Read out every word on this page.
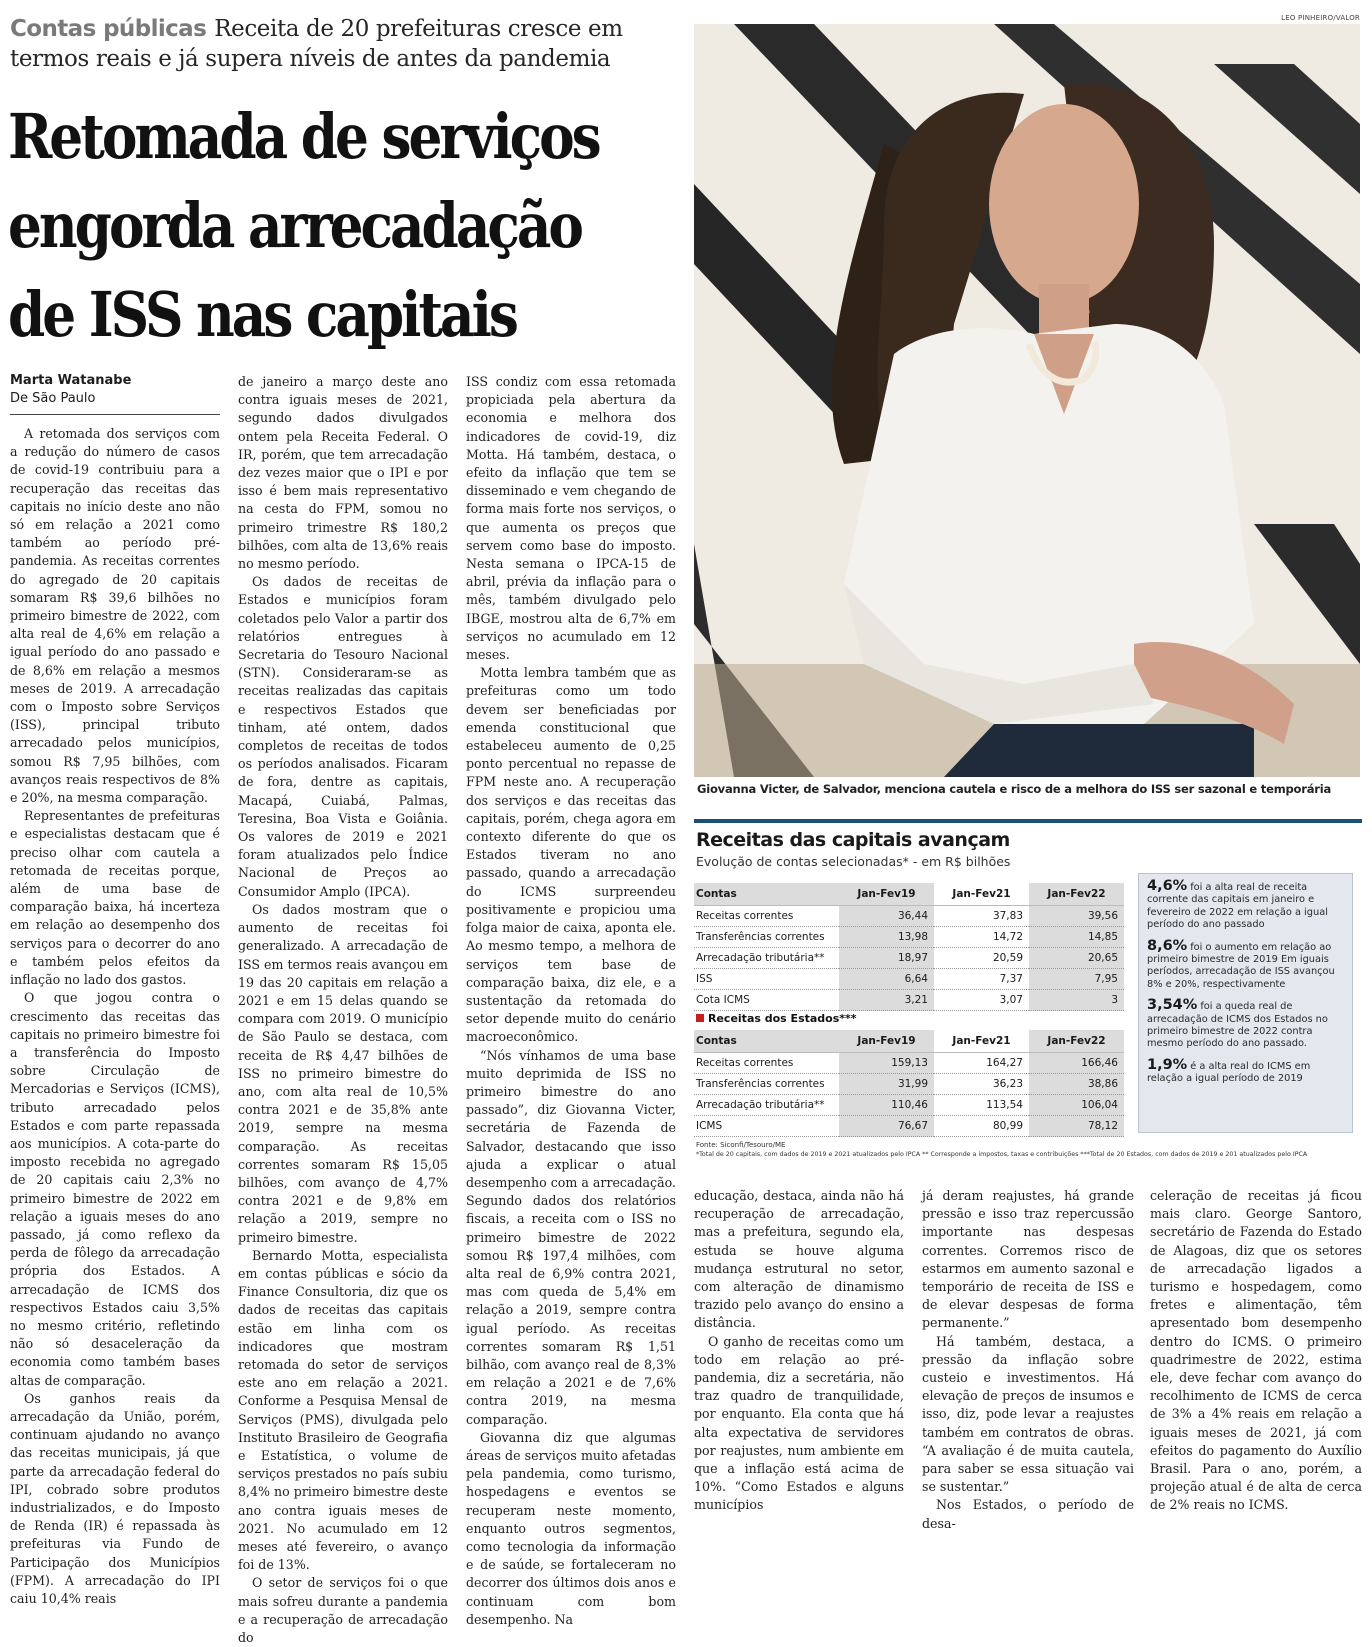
Contas públicas Receita de 20 prefeituras cresce em termos reais e já supera níveis de antes da pandemia
Retomada de serviços
engorda arrecadação
de ISS nas capitais
Marta Watanabe
De São Paulo

A retomada dos serviços com a redução do número de casos de covid-19 contribuiu para a recuperação das receitas das capitais no início deste ano não só em relação a 2021 como também ao período pré-pandemia. As receitas correntes do agregado de 20 capitais somaram R$ 39,6 bilhões no primeiro bimestre de 2022, com alta real de 4,6% em relação a igual período do ano passado e de 8,6% em relação a mesmos meses de 2019. A arrecadação com o Imposto sobre Serviços (ISS), principal tributo arrecadado pelos municípios, somou R$ 7,95 bilhões, com avanços reais respectivos de 8% e 20%, na mesma comparação.

Representantes de prefeituras e especialistas destacam que é preciso olhar com cautela a retomada de receitas porque, além de uma base de comparação baixa, há incerteza em relação ao desempenho dos serviços para o decorrer do ano e também pelos efeitos da inflação no lado dos gastos.

O que jogou contra o crescimento das receitas das capitais no primeiro bimestre foi a transferência do Imposto sobre Circulação de Mercadorias e Serviços (ICMS), tributo arrecadado pelos Estados e com parte repassada aos municípios. A cota-parte do imposto recebida no agregado de 20 capitais caiu 2,3% no primeiro bimestre de 2022 em relação a iguais meses do ano passado, já como reflexo da perda de fôlego da arrecadação própria dos Estados. A arrecadação de ICMS dos respectivos Estados caiu 3,5% no mesmo critério, refletindo não só desaceleração da economia como também bases altas de comparação.

Os ganhos reais da arrecadação da União, porém, continuam ajudando no avanço das receitas municipais, já que parte da arrecadação federal do IPI, cobrado sobre produtos industrializados, e do Imposto de Renda (IR) é repassada às prefeituras via Fundo de Participação dos Municípios (FPM). A arrecadação do IPI caiu 10,4% reais

de janeiro a março deste ano contra iguais meses de 2021, segundo dados divulgados ontem pela Receita Federal. O IR, porém, que tem arrecadação dez vezes maior que o IPI e por isso é bem mais representativo na cesta do FPM, somou no primeiro trimestre R$ 180,2 bilhões, com alta de 13,6% reais no mesmo período.

Os dados de receitas de Estados e municípios foram coletados pelo Valor a partir dos relatórios entregues à Secretaria do Tesouro Nacional (STN). Consideraram-se as receitas realizadas das capitais e respectivos Estados que tinham, até ontem, dados completos de receitas de todos os períodos analisados. Ficaram de fora, dentre as capitais, Macapá, Cuiabá, Palmas, Teresina, Boa Vista e Goiânia. Os valores de 2019 e 2021 foram atualizados pelo Índice Nacional de Preços ao Consumidor Amplo (IPCA).

Os dados mostram que o aumento de receitas foi generalizado. A arrecadação de ISS em termos reais avançou em 19 das 20 capitais em relação a 2021 e em 15 delas quando se compara com 2019. O município de São Paulo se destaca, com receita de R$ 4,47 bilhões de ISS no primeiro bimestre do ano, com alta real de 10,5% contra 2021 e de 35,8% ante 2019, sempre na mesma comparação. As receitas correntes somaram R$ 15,05 bilhões, com avanço de 4,7% contra 2021 e de 9,8% em relação a 2019, sempre no primeiro bimestre.

Bernardo Motta, especialista em contas públicas e sócio da Finance Consultoria, diz que os dados de receitas das capitais estão em linha com os indicadores que mostram retomada do setor de serviços este ano em relação a 2021. Conforme a Pesquisa Mensal de Serviços (PMS), divulgada pelo Instituto Brasileiro de Geografia e Estatística, o volume de serviços prestados no país subiu 8,4% no primeiro bimestre deste ano contra iguais meses de 2021. No acumulado em 12 meses até fevereiro, o avanço foi de 13%.

O setor de serviços foi o que mais sofreu durante a pandemia e a recuperação de arrecadação do

ISS condiz com essa retomada propiciada pela abertura da economia e melhora dos indicadores de covid-19, diz Motta. Há também, destaca, o efeito da inflação que tem se disseminado e vem chegando de forma mais forte nos serviços, o que aumenta os preços que servem como base do imposto. Nesta semana o IPCA-15 de abril, prévia da inflação para o mês, também divulgado pelo IBGE, mostrou alta de 6,7% em serviços no acumulado em 12 meses.

Motta lembra também que as prefeituras como um todo devem ser beneficiadas por emenda constitucional que estabeleceu aumento de 0,25 ponto percentual no repasse de FPM neste ano. A recuperação dos serviços e das receitas das capitais, porém, chega agora em contexto diferente do que os Estados tiveram no ano passado, quando a arrecadação do ICMS surpreendeu positivamente e propiciou uma folga maior de caixa, aponta ele. Ao mesmo tempo, a melhora de serviços tem base de comparação baixa, diz ele, e a sustentação da retomada do setor depende muito do cenário macroeconômico.

“Nós vínhamos de uma base muito deprimida de ISS no primeiro bimestre do ano passado”, diz Giovanna Victer, secretária de Fazenda de Salvador, destacando que isso ajuda a explicar o atual desempenho com a arrecadação. Segundo dados dos relatórios fiscais, a receita com o ISS no primeiro bimestre de 2022 somou R$ 197,4 milhões, com alta real de 6,9% contra 2021, mas com queda de 5,4% em relação a 2019, sempre contra igual período. As receitas correntes somaram R$ 1,51 bilhão, com avanço real de 8,3% em relação a 2021 e de 7,6% contra 2019, na mesma comparação.

Giovanna diz que algumas áreas de serviços muito afetadas pela pandemia, como turismo, hospedagens e eventos se recuperam neste momento, enquanto outros segmentos, como tecnologia da informação e de saúde, se fortaleceram no decorrer dos últimos dois anos e continuam com bom desempenho. Na

LEO PINHEIRO/VALOR
Giovanna Victer, de Salvador, menciona cautela e risco de a melhora do ISS ser sazonal e temporária
Receitas das capitais avançam
Evolução de contas selecionadas* - em R$ bilhões
Contas	Jan-Fev19	Jan-Fev21	Jan-Fev22
Receitas correntes	36,44	37,83	39,56
Transferências correntes	13,98	14,72	14,85
Arrecadação tributária**	18,97	20,59	20,65
ISS	6,64	7,37	7,95
Cota ICMS	3,21	3,07	3
Receitas dos Estados***
Contas	Jan-Fev19	Jan-Fev21	Jan-Fev22
Receitas correntes	159,13	164,27	166,46
Transferências correntes	31,99	36,23	38,86
Arrecadação tributária**	110,46	113,54	106,04
ICMS	76,67	80,99	78,12
4,6% foi a alta real de receita corrente das capitais em janeiro e fevereiro de 2022 em relação a igual período do ano passado
8,6% foi o aumento em relação ao primeiro bimestre de 2019 Em iguais períodos, arrecadação de ISS avançou 8% e 20%, respectivamente
3,54% foi a queda real de arrecadação de ICMS dos Estados no primeiro bimestre de 2022 contra mesmo período do ano passado.
1,9% é a alta real do ICMS em relação a igual período de 2019
Fonte: Siconfi/Tesouro/ME
*Total de 20 capitais, com dados de 2019 e 2021 atualizados pelo IPCA ** Corresponde a impostos, taxas e contribuições ***Total de 20 Estados, com dados de 2019 e 201 atualizados pelo IPCA

educação, destaca, ainda não há recuperação de arrecadação, mas a prefeitura, segundo ela, estuda se houve alguma mudança estrutural no setor, com alteração de dinamismo trazido pelo avanço do ensino a distância.

O ganho de receitas como um todo em relação ao pré-pandemia, diz a secretária, não traz quadro de tranquilidade, por enquanto. Ela conta que há alta expectativa de servidores por reajustes, num ambiente em que a inflação está acima de 10%. “Como Estados e alguns municípios

já deram reajustes, há grande pressão e isso traz repercussão importante nas despesas correntes. Corremos risco de estarmos em aumento sazonal e temporário de receita de ISS e de elevar despesas de forma permanente.”

Há também, destaca, a pressão da inflação sobre custeio e investimentos. Há elevação de preços de insumos e isso, diz, pode levar a reajustes também em contratos de obras. “A avaliação é de muita cautela, para saber se essa situação vai se sustentar.”

Nos Estados, o período de desa-

celeração de receitas já ficou mais claro. George Santoro, secretário de Fazenda do Estado de Alagoas, diz que os setores de arrecadação ligados a turismo e hospedagem, como fretes e alimentação, têm apresentado bom desempenho dentro do ICMS. O primeiro quadrimestre de 2022, estima ele, deve fechar com avanço do recolhimento de ICMS de cerca de 3% a 4% reais em relação a iguais meses de 2021, já com efeitos do pagamento do Auxílio Brasil. Para o ano, porém, a projeção atual é de alta de cerca de 2% reais no ICMS.
